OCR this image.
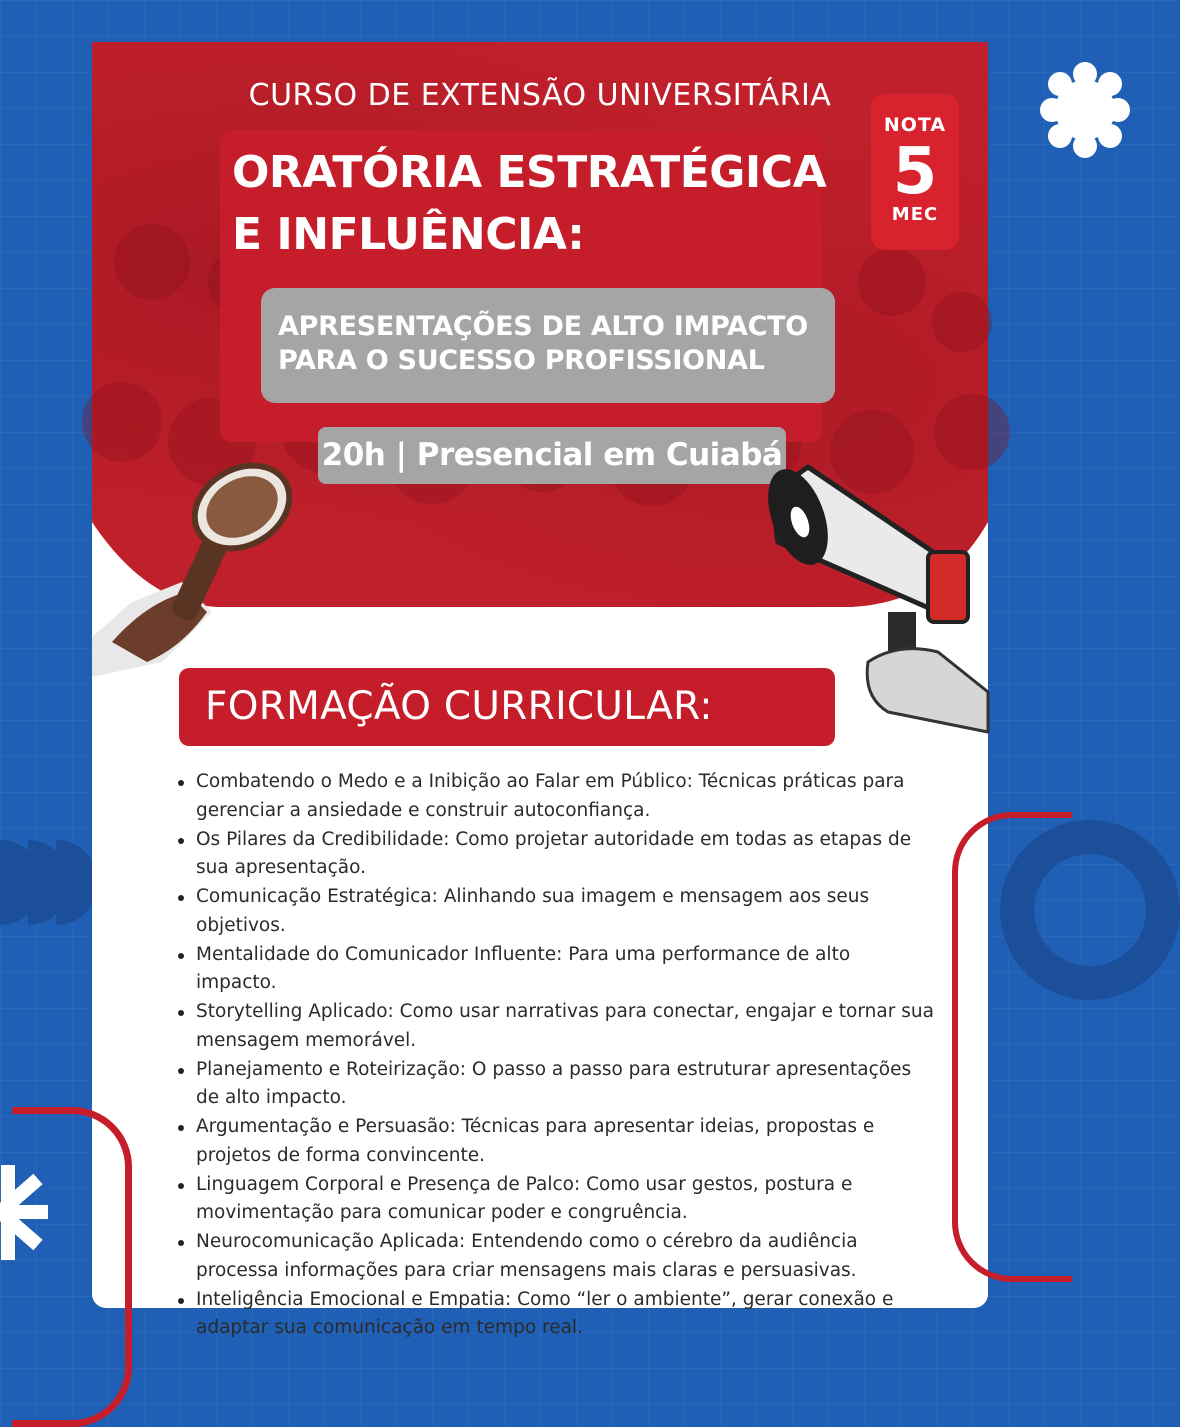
CURSO DE EXTENSÃO UNIVERSITÁRIA
ORATÓRIA ESTRATÉGICA
E INFLUÊNCIA:
APRESENTAÇÕES DE ALTO IMPACTO
PARA O SUCESSO PROFISSIONAL
20h | Presencial em Cuiabá
NOTA
5
MEC
FORMAÇÃO CURRICULAR:
Combatendo o Medo e a Inibição ao Falar em Público: Técnicas práticas para gerenciar a ansiedade e construir autoconfiança.
Os Pilares da Credibilidade: Como projetar autoridade em todas as etapas de sua apresentação.
Comunicação Estratégica: Alinhando sua imagem e mensagem aos seus objetivos.
Mentalidade do Comunicador Influente: Para uma performance de alto impacto.
Storytelling Aplicado: Como usar narrativas para conectar, engajar e tornar sua mensagem memorável.
Planejamento e Roteirização: O passo a passo para estruturar apresentações de alto impacto.
Argumentação e Persuasão: Técnicas para apresentar ideias, propostas e projetos de forma convincente.
Linguagem Corporal e Presença de Palco: Como usar gestos, postura e movimentação para comunicar poder e congruência.
Neurocomunicação Aplicada: Entendendo como o cérebro da audiência processa informações para criar mensagens mais claras e persuasivas.
Inteligência Emocional e Empatia: Como “ler o ambiente”, gerar conexão e adaptar sua comunicação em tempo real.
